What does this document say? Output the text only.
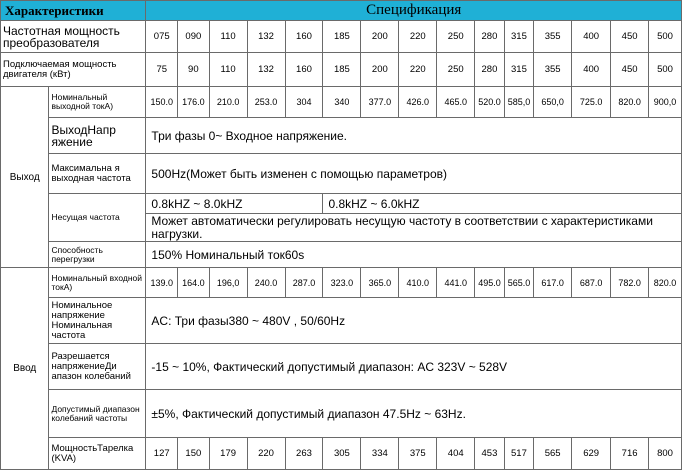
Характеристики		Спецификация														
Частотная мощность преобразователя		075	090	110	132	160	185	200	220	250	280	315	355	400	450	500
Подключаемая мощность двигателя (кВт)		75	90	110	132	160	185	200	220	250	280	315	355	400	450	500
Выход	Номинальный выходной токА)	150.0	176.0	210.0	253.0	304	340	377.0	426.0	465.0	520.0	585,0	650,0	725.0	820.0	900,0
	ВыходНапр яжение	Три фазы 0~ Входное напряжение.														
	Максимальна я выходная частота	500Hz(Может быть изменен с помощью параметров)														
	Несущая частота	0.8kHZ ~ 8.0kHZ					0.8kHZ ~ 6.0kHZ									
		Может автоматически регулировать несущую частоту в соответствии с характеристиками нагрузки.														
	Способность перегрузки	150% Номинальный ток60s														
Ввод	Номинальный входной токА)	139.0	164.0	196,0	240.0	287.0	323.0	365.0	410.0	441.0	495.0	565.0	617.0	687.0	782.0	820.0
	Номинальное напряжение Номинальная частота	AC: Три фазы380 ~ 480V , 50/60Hz														
	Разрешается напряжениеДи апазон колебаний	-15 ~ 10%, Фактический допустимый диапазон: AC 323V ~ 528V														
	Допустимый диапазон колебаний частоты	±5%, Фактический допустимый диапазон 47.5Hz ~ 63Hz.														
	МощностьТарелка (KVA)	127	150	179	220	263	305	334	375	404	453	517	565	629	716	800
